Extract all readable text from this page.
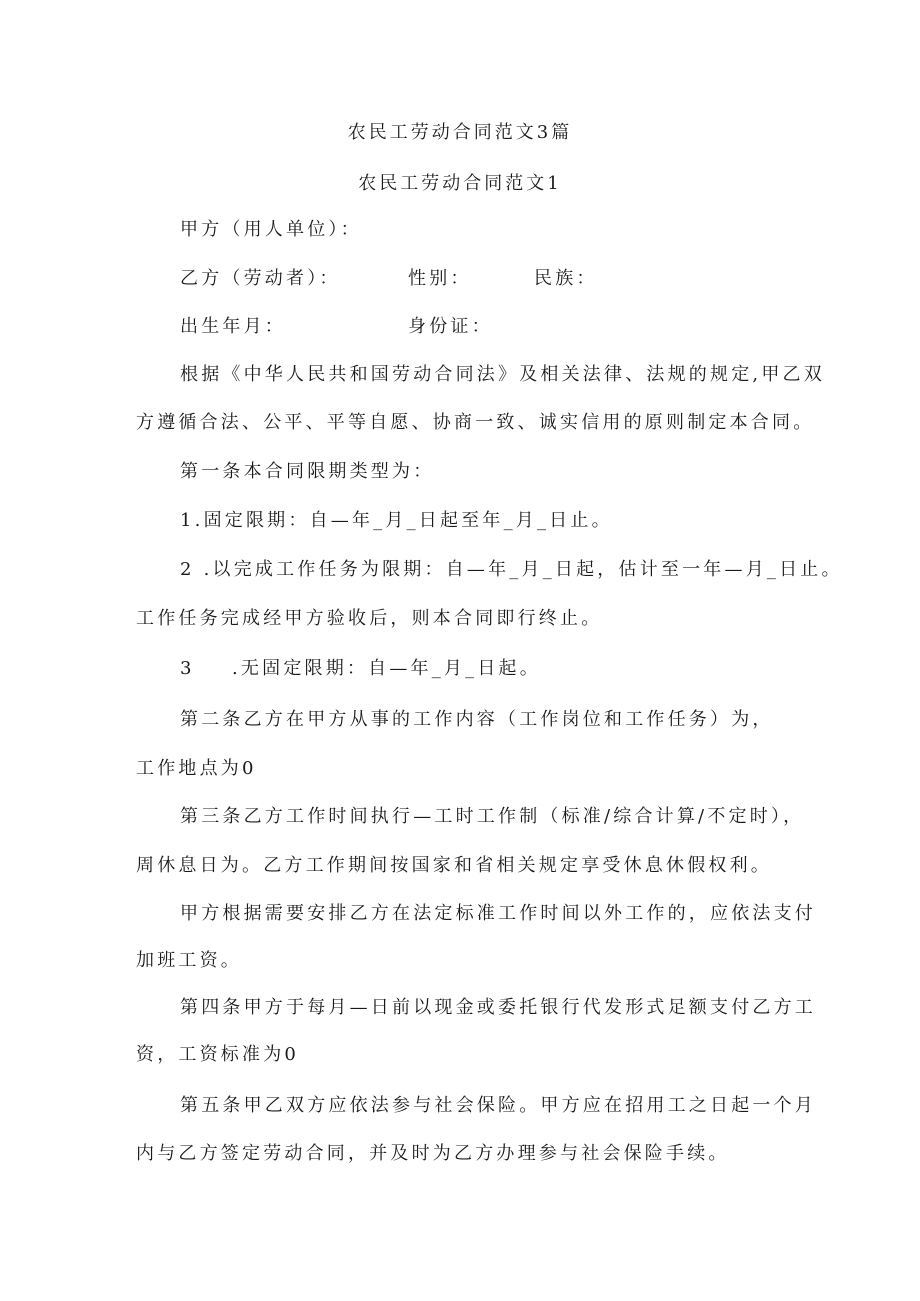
农民工劳动合同范文3篇
农民工劳动合同范文1
甲方（用人单位）：
乙方（劳动者）：	性别：	民族：
出生年月：	身份证：
根据《中华人民共和国劳动合同法》及相关法律、法规的规定,甲乙双
方遵循合法、公平、平等自愿、协商一致、诚实信用的原则制定本合同。
第一条本合同限期类型为：
1.固定限期：自—年_月_日起至年_月_日止。
2 .以完成工作任务为限期：自—年_月_日起，估计至一年—月_日止。
工作任务完成经甲方验收后，则本合同即行终止。
3 .无固定限期：自—年_月_日起。
第二条乙方在甲方从事的工作内容（工作岗位和工作任务）为，
工作地点为0
第三条乙方工作时间执行—工时工作制（标准/综合计算/不定时），
周休息日为。乙方工作期间按国家和省相关规定享受休息休假权利。
甲方根据需要安排乙方在法定标准工作时间以外工作的，应依法支付
加班工资。
第四条甲方于每月—日前以现金或委托银行代发形式足额支付乙方工
资，工资标准为0
第五条甲乙双方应依法参与社会保险。甲方应在招用工之日起一个月
内与乙方签定劳动合同，并及时为乙方办理参与社会保险手续。
